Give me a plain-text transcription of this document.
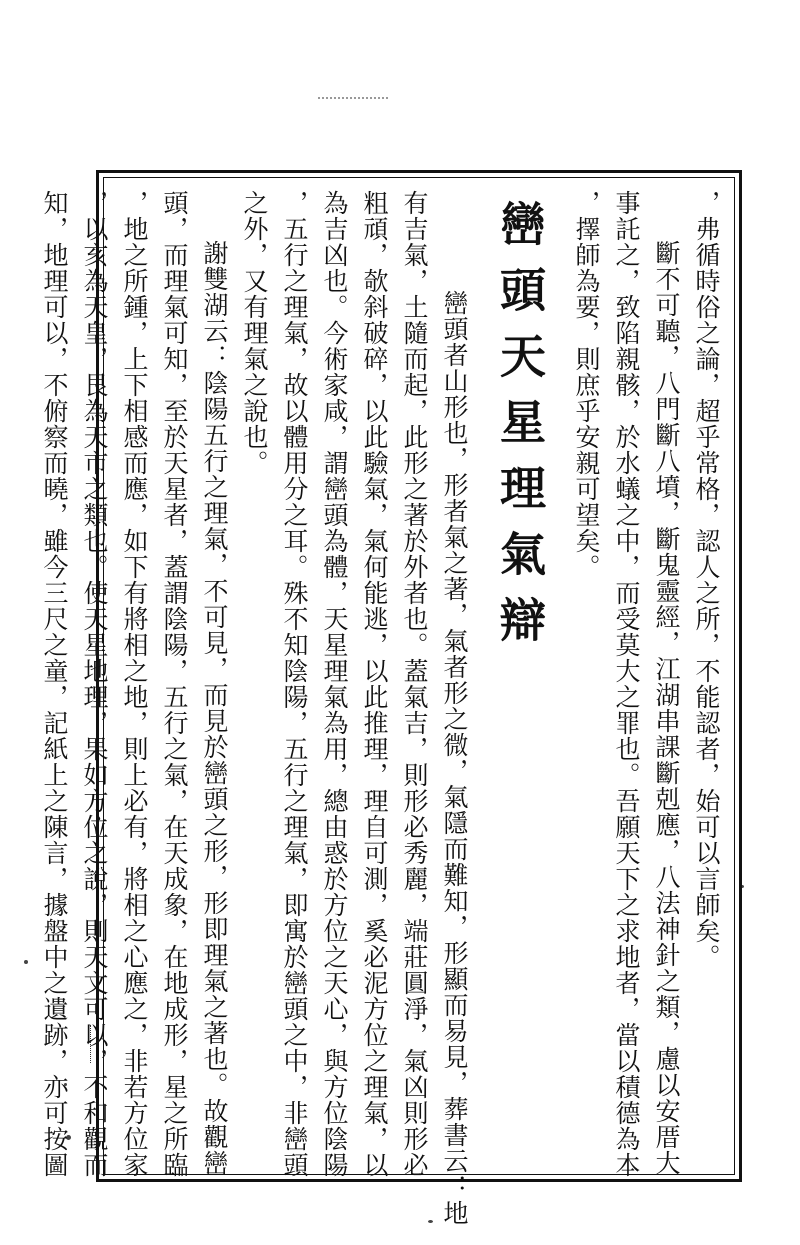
，弗循時俗之論，超乎常格，認人之所，不能認者，始可以言師矣。

斷不可聽，八門斷八墳，斷鬼靈經，江湖串課斷剋應，八法神針之類，慮以安厝大

事託之，致陷親骸，於水蟻之中，而受莫大之罪也。吾願天下之求地者，當以積德為本

，擇師為要，則庶乎安親可望矣。

巒頭天星理氣辯

巒頭者山形也，形者氣之著，氣者形之微，氣隱而難知，形顯而易見，葬書云：地

有吉氣，土隨而起，此形之著於外者也。蓋氣吉，則形必秀麗，端莊圓淨，氣凶則形必

粗頑，欹斜破碎，以此驗氣，氣何能逃，以此推理，理自可測，奚必泥方位之理氣，以

為吉凶也。今術家咸，謂巒頭為體，天星理氣為用，總由惑於方位之天心，與方位陰陽

，五行之理氣，故以體用分之耳。殊不知陰陽，五行之理氣，即寓於巒頭之中，非巒頭

之外，又有理氣之說也。

謝雙湖云：陰陽五行之理氣，不可見，而見於巒頭之形，形即理氣之著也。故觀巒

頭，而理氣可知，至於天星者，蓋謂陰陽，五行之氣，在天成象，在地成形，星之所臨

，地之所鍾，上下相感而應，如下有將相之地，則上必有，將相之心應之，非若方位家

，以亥為天皇，艮為天市之類也。使天星地理，果如方位之說，則天文可以，不和觀而

知，地理可以，不俯察而曉，雖今三尺之童，記紙上之陳言，據盤中之遺跡，亦可按圖
